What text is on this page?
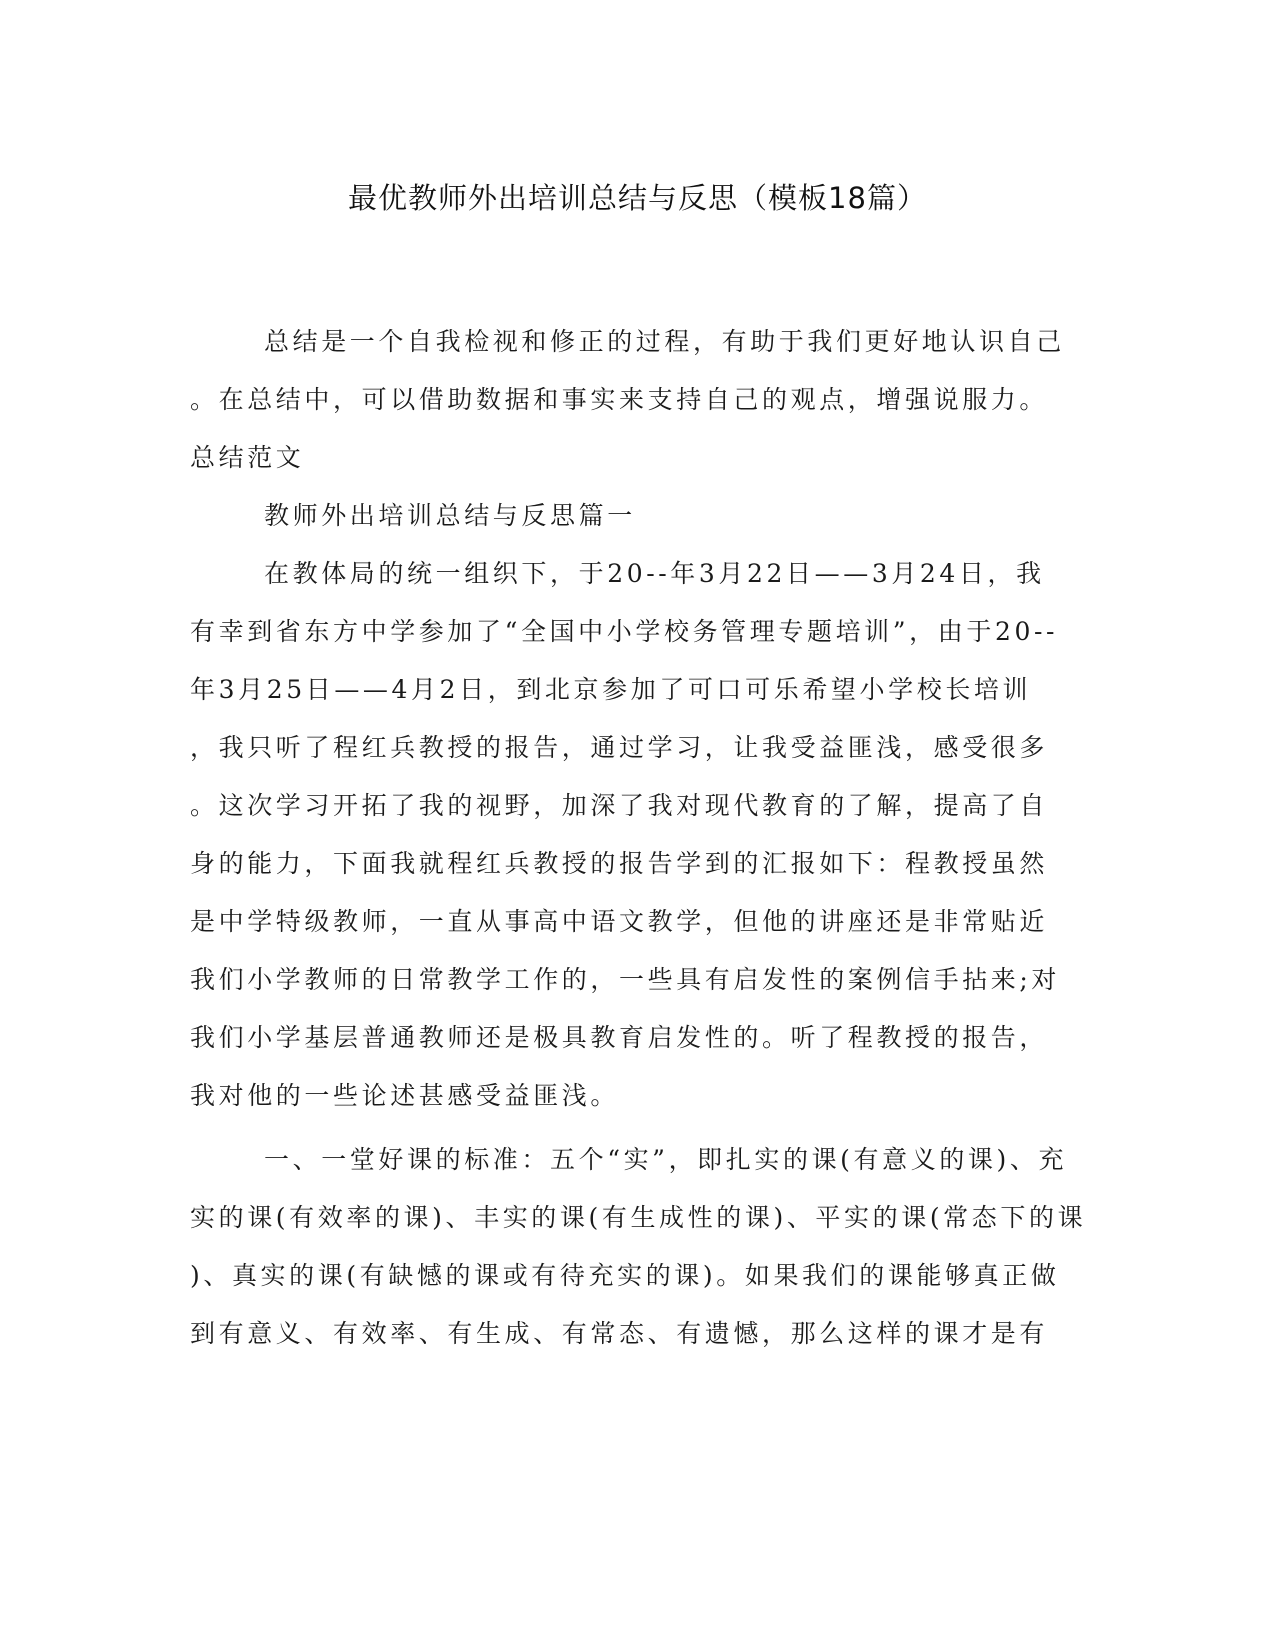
最优教师外出培训总结与反思（模板18篇）
总结是一个自我检视和修正的过程，有助于我们更好地认识自己
。在总结中，可以借助数据和事实来支持自己的观点，增强说服力。
总结范文
教师外出培训总结与反思篇一
在教体局的统一组织下，于20--年3月22日——3月24日，我
有幸到省东方中学参加了“全国中小学校务管理专题培训”，由于20--
年3月25日——4月2日，到北京参加了可口可乐希望小学校长培训
，我只听了程红兵教授的报告，通过学习，让我受益匪浅，感受很多
。这次学习开拓了我的视野，加深了我对现代教育的了解，提高了自
身的能力，下面我就程红兵教授的报告学到的汇报如下：程教授虽然
是中学特级教师，一直从事高中语文教学，但他的讲座还是非常贴近
我们小学教师的日常教学工作的，一些具有启发性的案例信手拈来;对
我们小学基层普通教师还是极具教育启发性的。听了程教授的报告，
我对他的一些论述甚感受益匪浅。
一、一堂好课的标准：五个“实”，即扎实的课(有意义的课)、充
实的课(有效率的课)、丰实的课(有生成性的课)、平实的课(常态下的课
)、真实的课(有缺憾的课或有待充实的课)。如果我们的课能够真正做
到有意义、有效率、有生成、有常态、有遗憾，那么这样的课才是有
